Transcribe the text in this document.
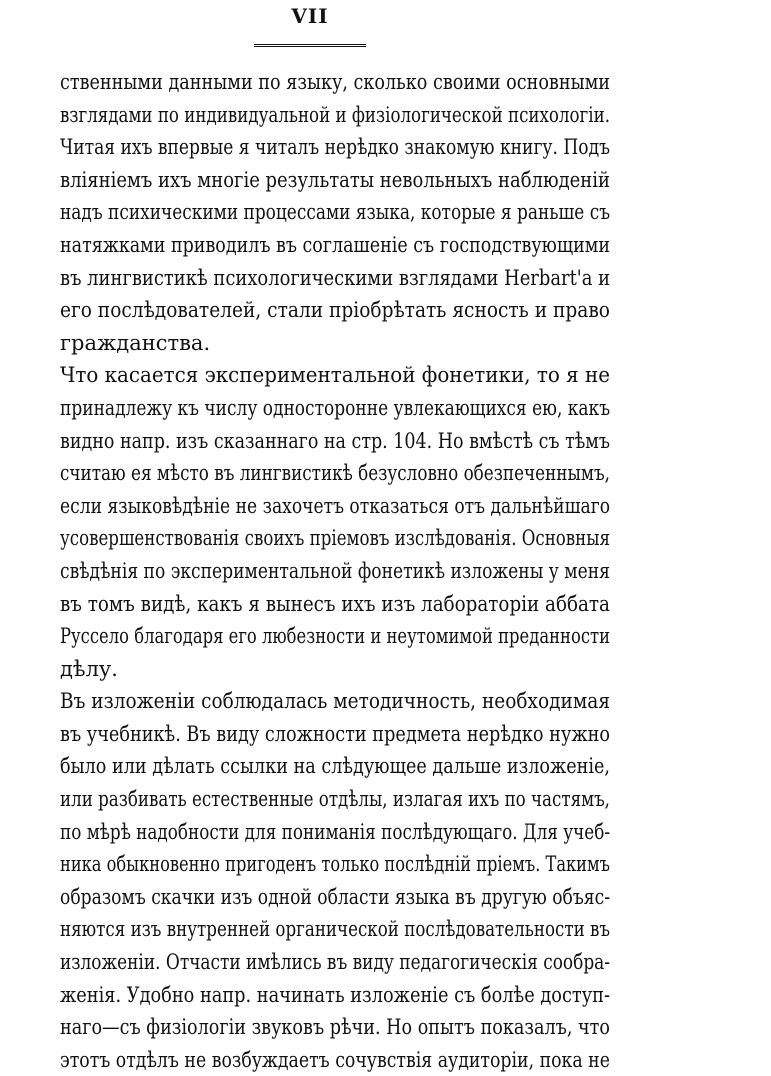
VII
ственными данными по языку, сколько своими основными
взглядами по индивидуальной и физiологической психологiи.
Читая ихъ впервые я читалъ нерѣдко знакомую книгу. Подъ
влiянiемъ ихъ многiе результаты невольныхъ наблюденiй
надъ психическими процессами языка, которые я раньше съ
натяжками приводилъ въ соглашенiе съ господствующими
въ лингвистикѣ психологическими взглядами Herbart'а и
его послѣдователей, стали прiобрѣтать ясность и право
гражданства.
Что касается экспериментальной фонетики, то я не
принадлежу къ числу односторонне увлекающихся ею, какъ
видно напр. изъ сказаннаго на стр. 104. Но вмѣстѣ съ тѣмъ
считаю ея мѣсто въ лингвистикѣ безусловно обезпеченнымъ,
если языковѣдѣнiе не захочетъ отказаться отъ дальнѣйшаго
усовершенствованiя своихъ прiемовъ изслѣдованiя. Основныя
свѣдѣнiя по экспериментальной фонетикѣ изложены у меня
въ томъ видѣ, какъ я вынесъ ихъ изъ лабораторiи аббата
Руссело благодаря его любезности и неутомимой преданности
дѣлу.
Въ изложенiи соблюдалась методичность, необходимая
въ учебникѣ. Въ виду сложности предмета нерѣдко нужно
было или дѣлать ссылки на слѣдующее дальше изложенiе,
или разбивать естественные отдѣлы, излагая ихъ по частямъ,
по мѣрѣ надобности для пониманiя послѣдующаго. Для учеб-
ника обыкновенно пригоденъ только послѣднiй прiемъ. Такимъ
образомъ скачки изъ одной области языка въ другую объяс-
няются изъ внутренней органической послѣдовательности въ
изложенiи. Отчасти имѣлись въ виду педагогическiя сообра-
женiя. Удобно напр. начинать изложенiе съ болѣе доступ-
наго—съ физiологiи звуковъ рѣчи. Но опытъ показалъ, что
этотъ отдѣлъ не возбуждаетъ сочувствiя аудиторiи, пока не
